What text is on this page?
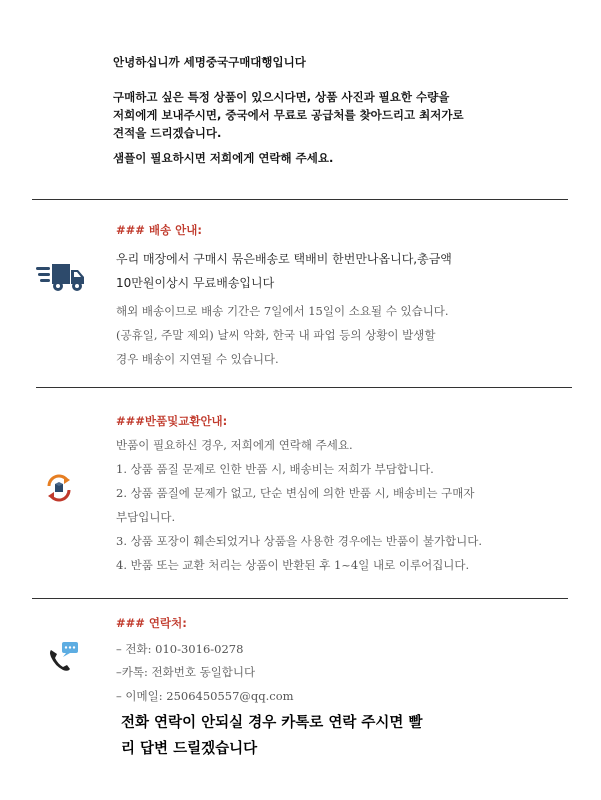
안녕하십니까 세명중국구매대행입니다
구매하고 싶은 특정 상품이 있으시다면, 상품 사진과 필요한 수량을
저희에게 보내주시면, 중국에서 무료로 공급처를 찾아드리고 최저가로
견적을 드리겠습니다.
샘플이 필요하시면 저희에게 연락해 주세요.
### 배송 안내:
우리 매장에서 구매시 묶은배송로 택배비 한번만나옵니다,총금액
10만원이상시 무료배송입니다
해외 배송이므로 배송 기간은 7일에서 15일이 소요될 수 있습니다.
(공휴일, 주말 제외) 날씨 악화, 한국 내 파업 등의 상황이 발생할
경우 배송이 지연될 수 있습니다.
###반품및교환안내:
반품이 필요하신 경우, 저희에게 연락해 주세요.
1. 상품 품질 문제로 인한 반품 시, 배송비는 저희가 부담합니다.
2. 상품 품질에 문제가 없고, 단순 변심에 의한 반품 시, 배송비는 구매자
부담입니다.
3. 상품 포장이 훼손되었거나 상품을 사용한 경우에는 반품이 불가합니다.
4. 반품 또는 교환 처리는 상품이 반환된 후 1~4일 내로 이루어집니다.
### 연락처:
– 전화: 010-3016-0278
–카톡: 전화번호 동일합니다
– 이메일: 2506450557@qq.com
전화 연락이 안되실 경우 카톡로 연락 주시면 빨
리 답변 드릴겠습니다
